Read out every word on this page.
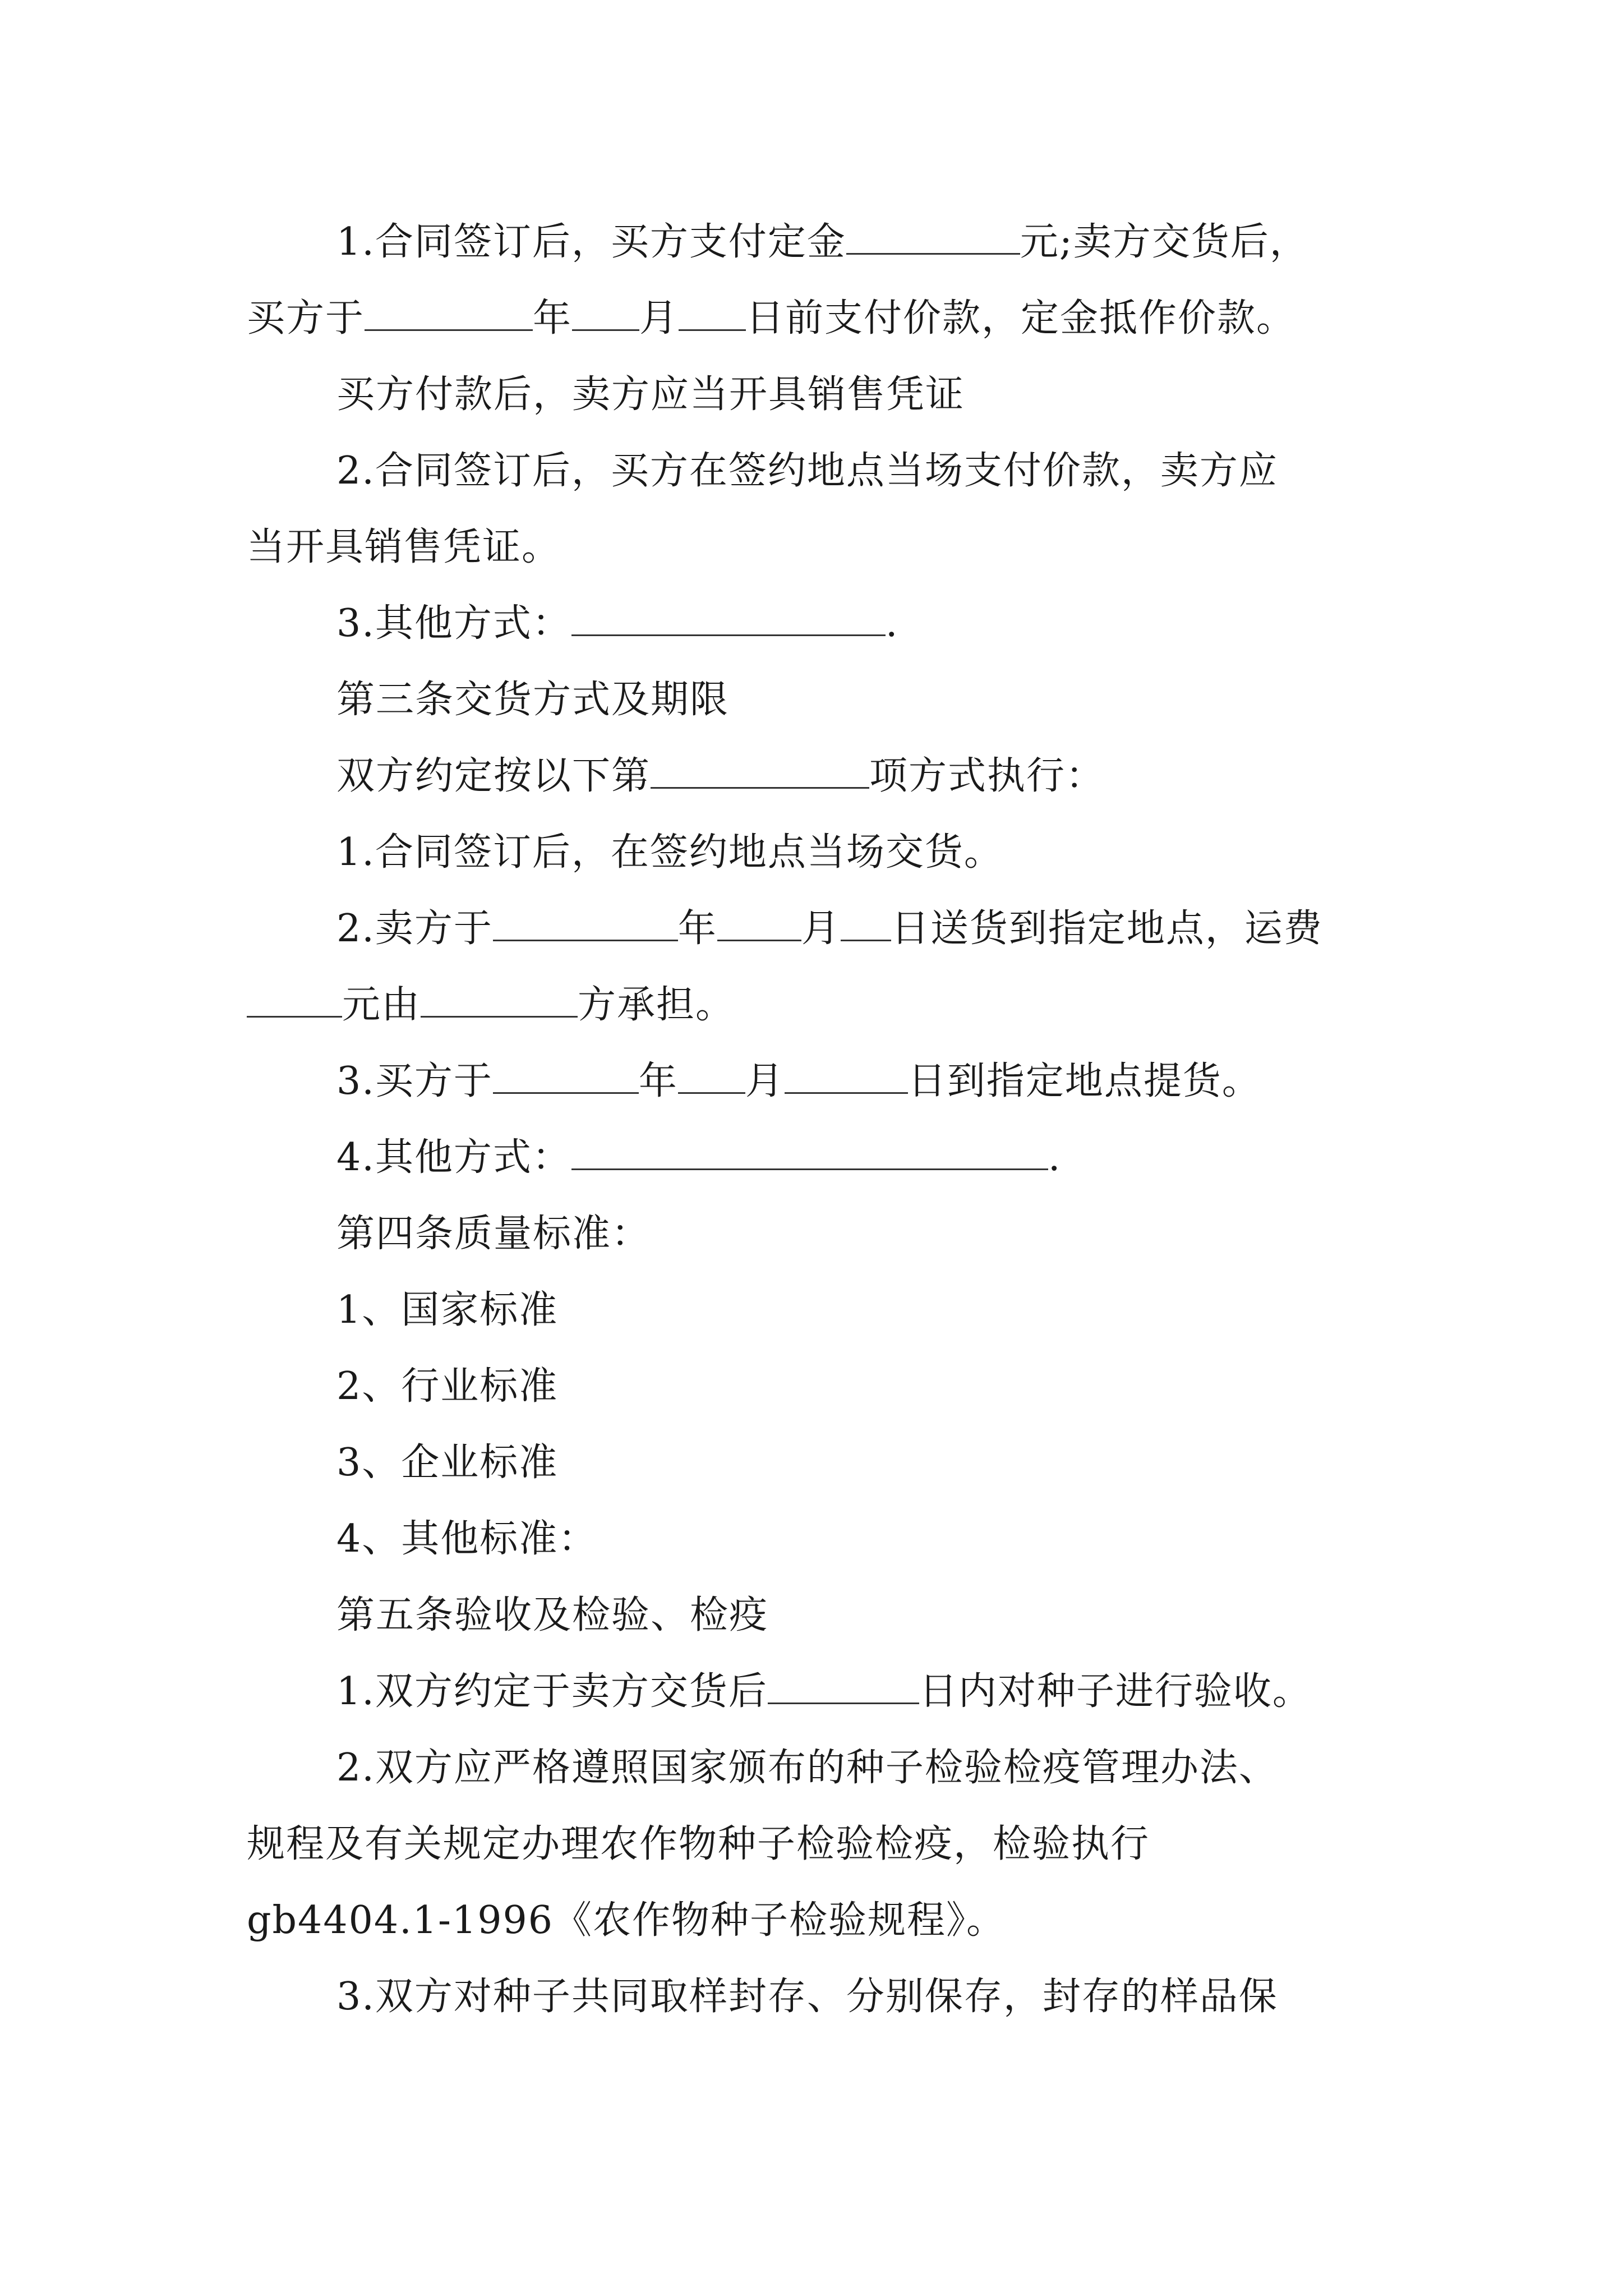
1.合同签订后，买方支付定金	元;卖方交货后，
买方于	年 月 日前支付价款，定金抵作价款。
买方付款后，卖方应当开具销售凭证
2.合同签订后，买方在签约地点当场支付价款，卖方应
当开具销售凭证。
3.其他方式：	.
第三条交货方式及期限
双方约定按以下第	项方式执行：
1.合同签订后，在签约地点当场交货。
2.卖方于	年 月 日送货到指定地点，运费
元由	方承担。
3.买方于	年 月	日到指定地点提货。
4.其他方式：	.
第四条质量标准：
1、国家标准
2、行业标准
3、企业标准
4、其他标准：
第五条验收及检验、检疫
1.双方约定于卖方交货后	日内对种子进行验收。
2.双方应严格遵照国家颁布的种子检验检疫管理办法、
规程及有关规定办理农作物种子检验检疫，检验执行
gb4404.1-1996《农作物种子检验规程》。
3.双方对种子共同取样封存、分别保存，封存的样品保
